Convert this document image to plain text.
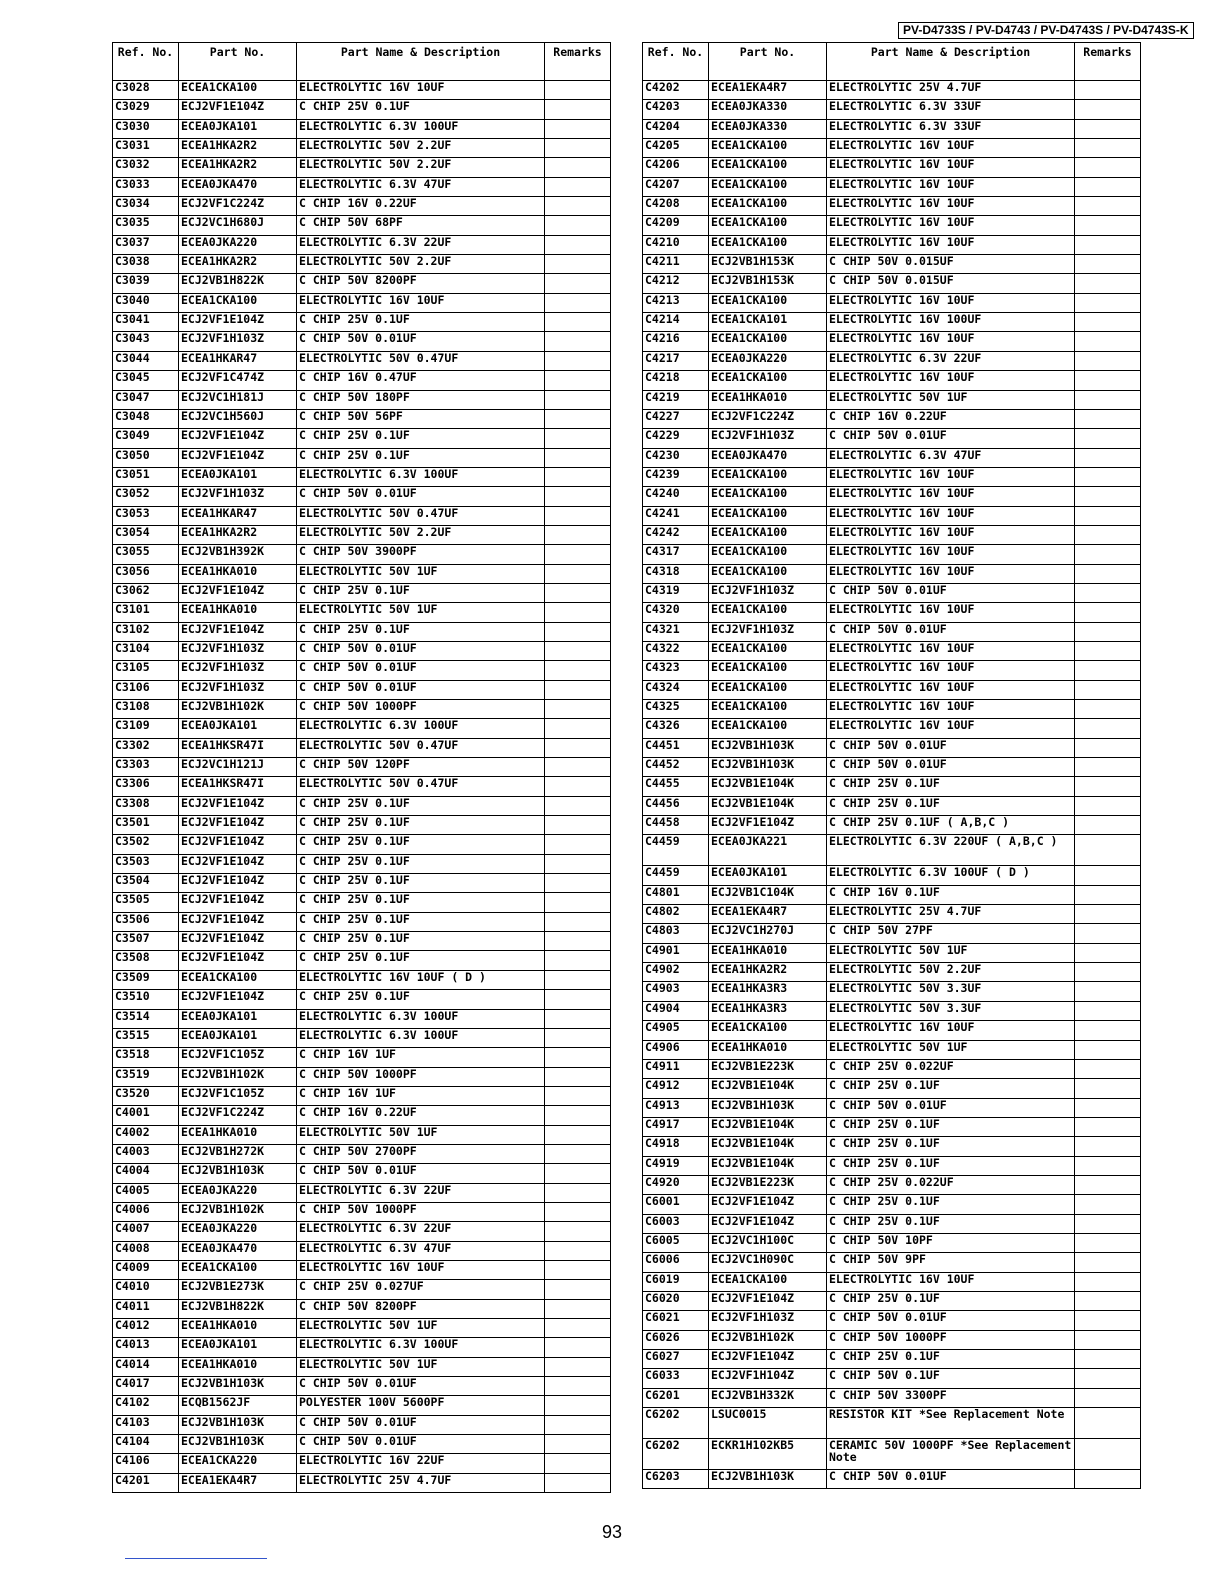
PV-D4733S / PV-D4743 / PV-D4743S / PV-D4743S-K
Ref. No.	Part No.	Part Name & Description	Remarks
C3028	ECEA1CKA100	ELECTROLYTIC 16V 10UF	
C3029	ECJ2VF1E104Z	C CHIP 25V 0.1UF	
C3030	ECEA0JKA101	ELECTROLYTIC 6.3V 100UF	
C3031	ECEA1HKA2R2	ELECTROLYTIC 50V 2.2UF	
C3032	ECEA1HKA2R2	ELECTROLYTIC 50V 2.2UF	
C3033	ECEA0JKA470	ELECTROLYTIC 6.3V 47UF	
C3034	ECJ2VF1C224Z	C CHIP 16V 0.22UF	
C3035	ECJ2VC1H680J	C CHIP 50V 68PF	
C3037	ECEA0JKA220	ELECTROLYTIC 6.3V 22UF	
C3038	ECEA1HKA2R2	ELECTROLYTIC 50V 2.2UF	
C3039	ECJ2VB1H822K	C CHIP 50V 8200PF	
C3040	ECEA1CKA100	ELECTROLYTIC 16V 10UF	
C3041	ECJ2VF1E104Z	C CHIP 25V 0.1UF	
C3043	ECJ2VF1H103Z	C CHIP 50V 0.01UF	
C3044	ECEA1HKAR47	ELECTROLYTIC 50V 0.47UF	
C3045	ECJ2VF1C474Z	C CHIP 16V 0.47UF	
C3047	ECJ2VC1H181J	C CHIP 50V 180PF	
C3048	ECJ2VC1H560J	C CHIP 50V 56PF	
C3049	ECJ2VF1E104Z	C CHIP 25V 0.1UF	
C3050	ECJ2VF1E104Z	C CHIP 25V 0.1UF	
C3051	ECEA0JKA101	ELECTROLYTIC 6.3V 100UF	
C3052	ECJ2VF1H103Z	C CHIP 50V 0.01UF	
C3053	ECEA1HKAR47	ELECTROLYTIC 50V 0.47UF	
C3054	ECEA1HKA2R2	ELECTROLYTIC 50V 2.2UF	
C3055	ECJ2VB1H392K	C CHIP 50V 3900PF	
C3056	ECEA1HKA010	ELECTROLYTIC 50V 1UF	
C3062	ECJ2VF1E104Z	C CHIP 25V 0.1UF	
C3101	ECEA1HKA010	ELECTROLYTIC 50V 1UF	
C3102	ECJ2VF1E104Z	C CHIP 25V 0.1UF	
C3104	ECJ2VF1H103Z	C CHIP 50V 0.01UF	
C3105	ECJ2VF1H103Z	C CHIP 50V 0.01UF	
C3106	ECJ2VF1H103Z	C CHIP 50V 0.01UF	
C3108	ECJ2VB1H102K	C CHIP 50V 1000PF	
C3109	ECEA0JKA101	ELECTROLYTIC 6.3V 100UF	
C3302	ECEA1HKSR47I	ELECTROLYTIC 50V 0.47UF	
C3303	ECJ2VC1H121J	C CHIP 50V 120PF	
C3306	ECEA1HKSR47I	ELECTROLYTIC 50V 0.47UF	
C3308	ECJ2VF1E104Z	C CHIP 25V 0.1UF	
C3501	ECJ2VF1E104Z	C CHIP 25V 0.1UF	
C3502	ECJ2VF1E104Z	C CHIP 25V 0.1UF	
C3503	ECJ2VF1E104Z	C CHIP 25V 0.1UF	
C3504	ECJ2VF1E104Z	C CHIP 25V 0.1UF	
C3505	ECJ2VF1E104Z	C CHIP 25V 0.1UF	
C3506	ECJ2VF1E104Z	C CHIP 25V 0.1UF	
C3507	ECJ2VF1E104Z	C CHIP 25V 0.1UF	
C3508	ECJ2VF1E104Z	C CHIP 25V 0.1UF	
C3509	ECEA1CKA100	ELECTROLYTIC 16V 10UF ( D )	
C3510	ECJ2VF1E104Z	C CHIP 25V 0.1UF	
C3514	ECEA0JKA101	ELECTROLYTIC 6.3V 100UF	
C3515	ECEA0JKA101	ELECTROLYTIC 6.3V 100UF	
C3518	ECJ2VF1C105Z	C CHIP 16V 1UF	
C3519	ECJ2VB1H102K	C CHIP 50V 1000PF	
C3520	ECJ2VF1C105Z	C CHIP 16V 1UF	
C4001	ECJ2VF1C224Z	C CHIP 16V 0.22UF	
C4002	ECEA1HKA010	ELECTROLYTIC 50V 1UF	
C4003	ECJ2VB1H272K	C CHIP 50V 2700PF	
C4004	ECJ2VB1H103K	C CHIP 50V 0.01UF	
C4005	ECEA0JKA220	ELECTROLYTIC 6.3V 22UF	
C4006	ECJ2VB1H102K	C CHIP 50V 1000PF	
C4007	ECEA0JKA220	ELECTROLYTIC 6.3V 22UF	
C4008	ECEA0JKA470	ELECTROLYTIC 6.3V 47UF	
C4009	ECEA1CKA100	ELECTROLYTIC 16V 10UF	
C4010	ECJ2VB1E273K	C CHIP 25V 0.027UF	
C4011	ECJ2VB1H822K	C CHIP 50V 8200PF	
C4012	ECEA1HKA010	ELECTROLYTIC 50V 1UF	
C4013	ECEA0JKA101	ELECTROLYTIC 6.3V 100UF	
C4014	ECEA1HKA010	ELECTROLYTIC 50V 1UF	
C4017	ECJ2VB1H103K	C CHIP 50V 0.01UF	
C4102	ECQB1562JF	POLYESTER 100V 5600PF	
C4103	ECJ2VB1H103K	C CHIP 50V 0.01UF	
C4104	ECJ2VB1H103K	C CHIP 50V 0.01UF	
C4106	ECEA1CKA220	ELECTROLYTIC 16V 22UF	
C4201	ECEA1EKA4R7	ELECTROLYTIC 25V 4.7UF	
Ref. No.	Part No.	Part Name & Description	Remarks
C4202	ECEA1EKA4R7	ELECTROLYTIC 25V 4.7UF	
C4203	ECEA0JKA330	ELECTROLYTIC 6.3V 33UF	
C4204	ECEA0JKA330	ELECTROLYTIC 6.3V 33UF	
C4205	ECEA1CKA100	ELECTROLYTIC 16V 10UF	
C4206	ECEA1CKA100	ELECTROLYTIC 16V 10UF	
C4207	ECEA1CKA100	ELECTROLYTIC 16V 10UF	
C4208	ECEA1CKA100	ELECTROLYTIC 16V 10UF	
C4209	ECEA1CKA100	ELECTROLYTIC 16V 10UF	
C4210	ECEA1CKA100	ELECTROLYTIC 16V 10UF	
C4211	ECJ2VB1H153K	C CHIP 50V 0.015UF	
C4212	ECJ2VB1H153K	C CHIP 50V 0.015UF	
C4213	ECEA1CKA100	ELECTROLYTIC 16V 10UF	
C4214	ECEA1CKA101	ELECTROLYTIC 16V 100UF	
C4216	ECEA1CKA100	ELECTROLYTIC 16V 10UF	
C4217	ECEA0JKA220	ELECTROLYTIC 6.3V 22UF	
C4218	ECEA1CKA100	ELECTROLYTIC 16V 10UF	
C4219	ECEA1HKA010	ELECTROLYTIC 50V 1UF	
C4227	ECJ2VF1C224Z	C CHIP 16V 0.22UF	
C4229	ECJ2VF1H103Z	C CHIP 50V 0.01UF	
C4230	ECEA0JKA470	ELECTROLYTIC 6.3V 47UF	
C4239	ECEA1CKA100	ELECTROLYTIC 16V 10UF	
C4240	ECEA1CKA100	ELECTROLYTIC 16V 10UF	
C4241	ECEA1CKA100	ELECTROLYTIC 16V 10UF	
C4242	ECEA1CKA100	ELECTROLYTIC 16V 10UF	
C4317	ECEA1CKA100	ELECTROLYTIC 16V 10UF	
C4318	ECEA1CKA100	ELECTROLYTIC 16V 10UF	
C4319	ECJ2VF1H103Z	C CHIP 50V 0.01UF	
C4320	ECEA1CKA100	ELECTROLYTIC 16V 10UF	
C4321	ECJ2VF1H103Z	C CHIP 50V 0.01UF	
C4322	ECEA1CKA100	ELECTROLYTIC 16V 10UF	
C4323	ECEA1CKA100	ELECTROLYTIC 16V 10UF	
C4324	ECEA1CKA100	ELECTROLYTIC 16V 10UF	
C4325	ECEA1CKA100	ELECTROLYTIC 16V 10UF	
C4326	ECEA1CKA100	ELECTROLYTIC 16V 10UF	
C4451	ECJ2VB1H103K	C CHIP 50V 0.01UF	
C4452	ECJ2VB1H103K	C CHIP 50V 0.01UF	
C4455	ECJ2VB1E104K	C CHIP 25V 0.1UF	
C4456	ECJ2VB1E104K	C CHIP 25V 0.1UF	
C4458	ECJ2VF1E104Z	C CHIP 25V 0.1UF ( A,B,C )	
C4459	ECEA0JKA221	ELECTROLYTIC 6.3V 220UF ( A,B,C )	
C4459	ECEA0JKA101	ELECTROLYTIC 6.3V 100UF ( D )	
C4801	ECJ2VB1C104K	C CHIP 16V 0.1UF	
C4802	ECEA1EKA4R7	ELECTROLYTIC 25V 4.7UF	
C4803	ECJ2VC1H270J	C CHIP 50V 27PF	
C4901	ECEA1HKA010	ELECTROLYTIC 50V 1UF	
C4902	ECEA1HKA2R2	ELECTROLYTIC 50V 2.2UF	
C4903	ECEA1HKA3R3	ELECTROLYTIC 50V 3.3UF	
C4904	ECEA1HKA3R3	ELECTROLYTIC 50V 3.3UF	
C4905	ECEA1CKA100	ELECTROLYTIC 16V 10UF	
C4906	ECEA1HKA010	ELECTROLYTIC 50V 1UF	
C4911	ECJ2VB1E223K	C CHIP 25V 0.022UF	
C4912	ECJ2VB1E104K	C CHIP 25V 0.1UF	
C4913	ECJ2VB1H103K	C CHIP 50V 0.01UF	
C4917	ECJ2VB1E104K	C CHIP 25V 0.1UF	
C4918	ECJ2VB1E104K	C CHIP 25V 0.1UF	
C4919	ECJ2VB1E104K	C CHIP 25V 0.1UF	
C4920	ECJ2VB1E223K	C CHIP 25V 0.022UF	
C6001	ECJ2VF1E104Z	C CHIP 25V 0.1UF	
C6003	ECJ2VF1E104Z	C CHIP 25V 0.1UF	
C6005	ECJ2VC1H100C	C CHIP 50V 10PF	
C6006	ECJ2VC1H090C	C CHIP 50V 9PF	
C6019	ECEA1CKA100	ELECTROLYTIC 16V 10UF	
C6020	ECJ2VF1E104Z	C CHIP 25V 0.1UF	
C6021	ECJ2VF1H103Z	C CHIP 50V 0.01UF	
C6026	ECJ2VB1H102K	C CHIP 50V 1000PF	
C6027	ECJ2VF1E104Z	C CHIP 25V 0.1UF	
C6033	ECJ2VF1H104Z	C CHIP 50V 0.1UF	
C6201	ECJ2VB1H332K	C CHIP 50V 3300PF	
C6202	LSUC0015	RESISTOR KIT *See Replacement Note	
C6202	ECKR1H102KB5	CERAMIC 50V 1000PF *See Replacement Note	
C6203	ECJ2VB1H103K	C CHIP 50V 0.01UF	
93
